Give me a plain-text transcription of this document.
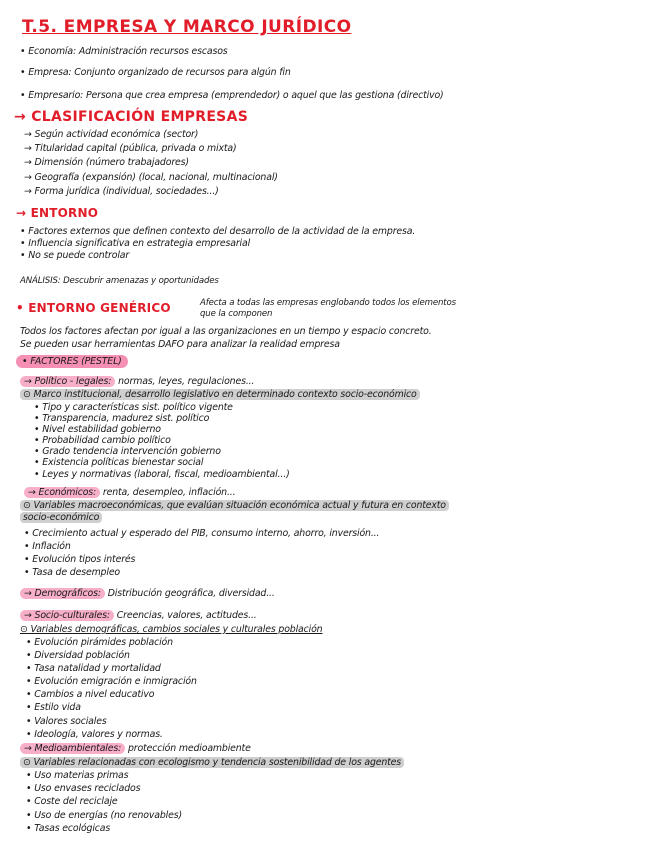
T.5. EMPRESA Y MARCO JURÍDICO
• Economía: Administración recursos escasos
• Empresa: Conjunto organizado de recursos para algún fin
• Empresario: Persona que crea empresa (emprendedor) o aquel que las gestiona (directivo)
→ CLASIFICACIÓN EMPRESAS
→ Según actividad económica (sector)
→ Titularidad capital (pública, privada o mixta)
→ Dimensión (número trabajadores)
→ Geografía (expansión) (local, nacional, multinacional)
→ Forma jurídica (individual, sociedades...)
→ ENTORNO
• Factores externos que definen contexto del desarrollo de la actividad de la empresa.
• Influencia significativa en estrategia empresarial
• No se puede controlar
ANÁLISIS: Descubrir amenazas y oportunidades
• ENTORNO GENÉRICO	Afecta a todas las empresas englobando todos los elementos
que la componen
Todos los factores afectan por igual a las organizaciones en un tiempo y espacio concreto.
Se pueden usar herramientas DAFO para analizar la realidad empresa
• FACTORES (PESTEL)
→ Político - legales: normas, leyes, regulaciones...
⊙ Marco institucional, desarrollo legislativo en determinado contexto socio-económico
• Tipo y características sist. político vigente
• Transparencia, madurez sist. político
• Nivel estabilidad gobierno
• Probabilidad cambio político
• Grado tendencia intervención gobierno
• Existencia políticas bienestar social
• Leyes y normativas (laboral, fiscal, medioambiental...)
→ Económicos: renta, desempleo, inflación...
⊙ Variables macroeconómicas, que evalúan situación económica actual y futura en contexto
socio-económico
• Crecimiento actual y esperado del PIB, consumo interno, ahorro, inversión...
• Inflación
• Evolución tipos interés
• Tasa de desempleo
→ Demográficos: Distribución geográfica, diversidad...
→ Socio-culturales: Creencias, valores, actitudes...
⊙ Variables demográficas, cambios sociales y culturales población
• Evolución pirámides población
• Diversidad población
• Tasa natalidad y mortalidad
• Evolución emigración e inmigración
• Cambios a nivel educativo
• Estilo vida
• Valores sociales
• Ideología, valores y normas.
→ Medioambientales: protección medioambiente
⊙ Variables relacionadas con ecologismo y tendencia sostenibilidad de los agentes
• Uso materias primas
• Uso envases reciclados
• Coste del reciclaje
• Uso de energías (no renovables)
• Tasas ecológicas
